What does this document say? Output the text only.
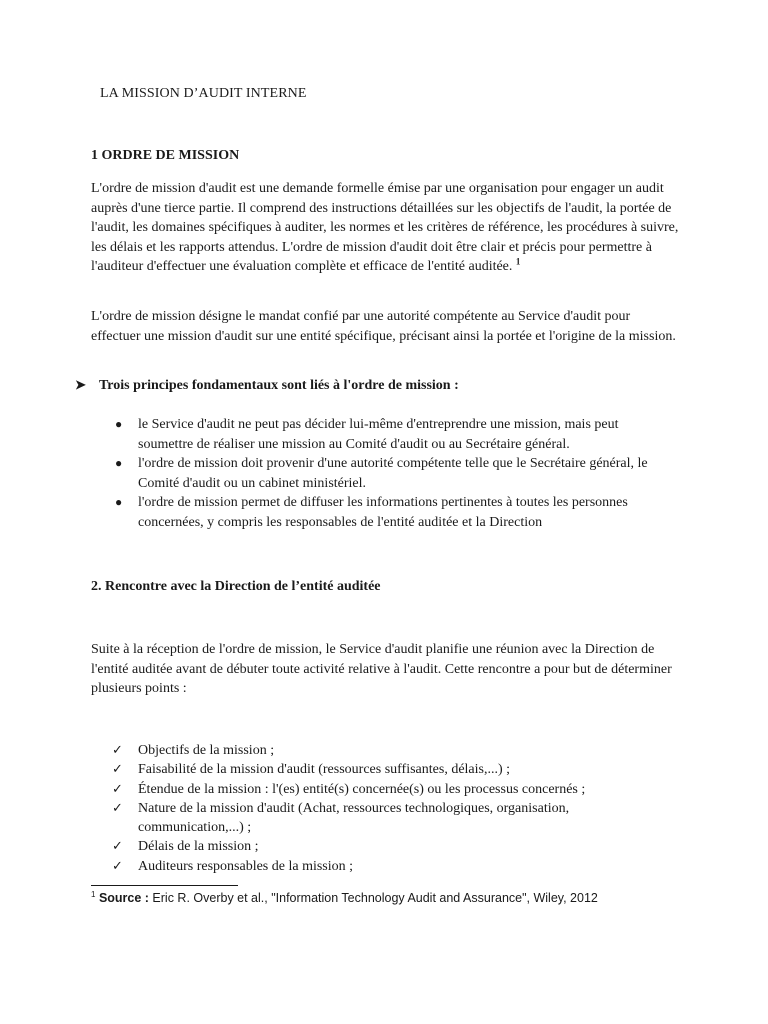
LA MISSION D’AUDIT INTERNE
1 ORDRE DE MISSION

L'ordre de mission d'audit est une demande formelle émise par une organisation pour engager un audit auprès d'une tierce partie. Il comprend des instructions détaillées sur les objectifs de l'audit, la portée de l'audit, les domaines spécifiques à auditer, les normes et les critères de référence, les procédures à suivre, les délais et les rapports attendus. L'ordre de mission d'audit doit être clair et précis pour permettre à l'auditeur d'effectuer une évaluation complète et efficace de l'entité auditée. $^1$

L'ordre de mission désigne le mandat confié par une autorité compétente au Service d'audit pour effectuer une mission d'audit sur une entité spécifique, précisant ainsi la portée et l'origine de la mission.

➤ Trois principes fondamentaux sont liés à l'ordre de mission :
● le Service d'audit ne peut pas décider lui-même d'entreprendre une mission, mais peut soumettre de réaliser une mission au Comité d'audit ou au Secrétaire général.
● l'ordre de mission doit provenir d'une autorité compétente telle que le Secrétaire général, le Comité d'audit ou un cabinet ministériel.
● l'ordre de mission permet de diffuser les informations pertinentes à toutes les personnes concernées, y compris les responsables de l'entité auditée et la Direction
2. Rencontre avec la Direction de l’entité auditée

Suite à la réception de l'ordre de mission, le Service d'audit planifie une réunion avec la Direction de l'entité auditée avant de débuter toute activité relative à l'audit. Cette rencontre a pour but de déterminer plusieurs points :

✓ Objectifs de la mission ;
✓ Faisabilité de la mission d'audit (ressources suffisantes, délais,...) ;
✓ Étendue de la mission : l'(es) entité(s) concernée(s) ou les processus concernés ;
✓ Nature de la mission d'audit (Achat, ressources technologiques, organisation, communication,...) ;
✓ Délais de la mission ;
✓ Auditeurs responsables de la mission ;
$^1$ Source : Eric R. Overby et al., "Information Technology Audit and Assurance", Wiley, 2012
